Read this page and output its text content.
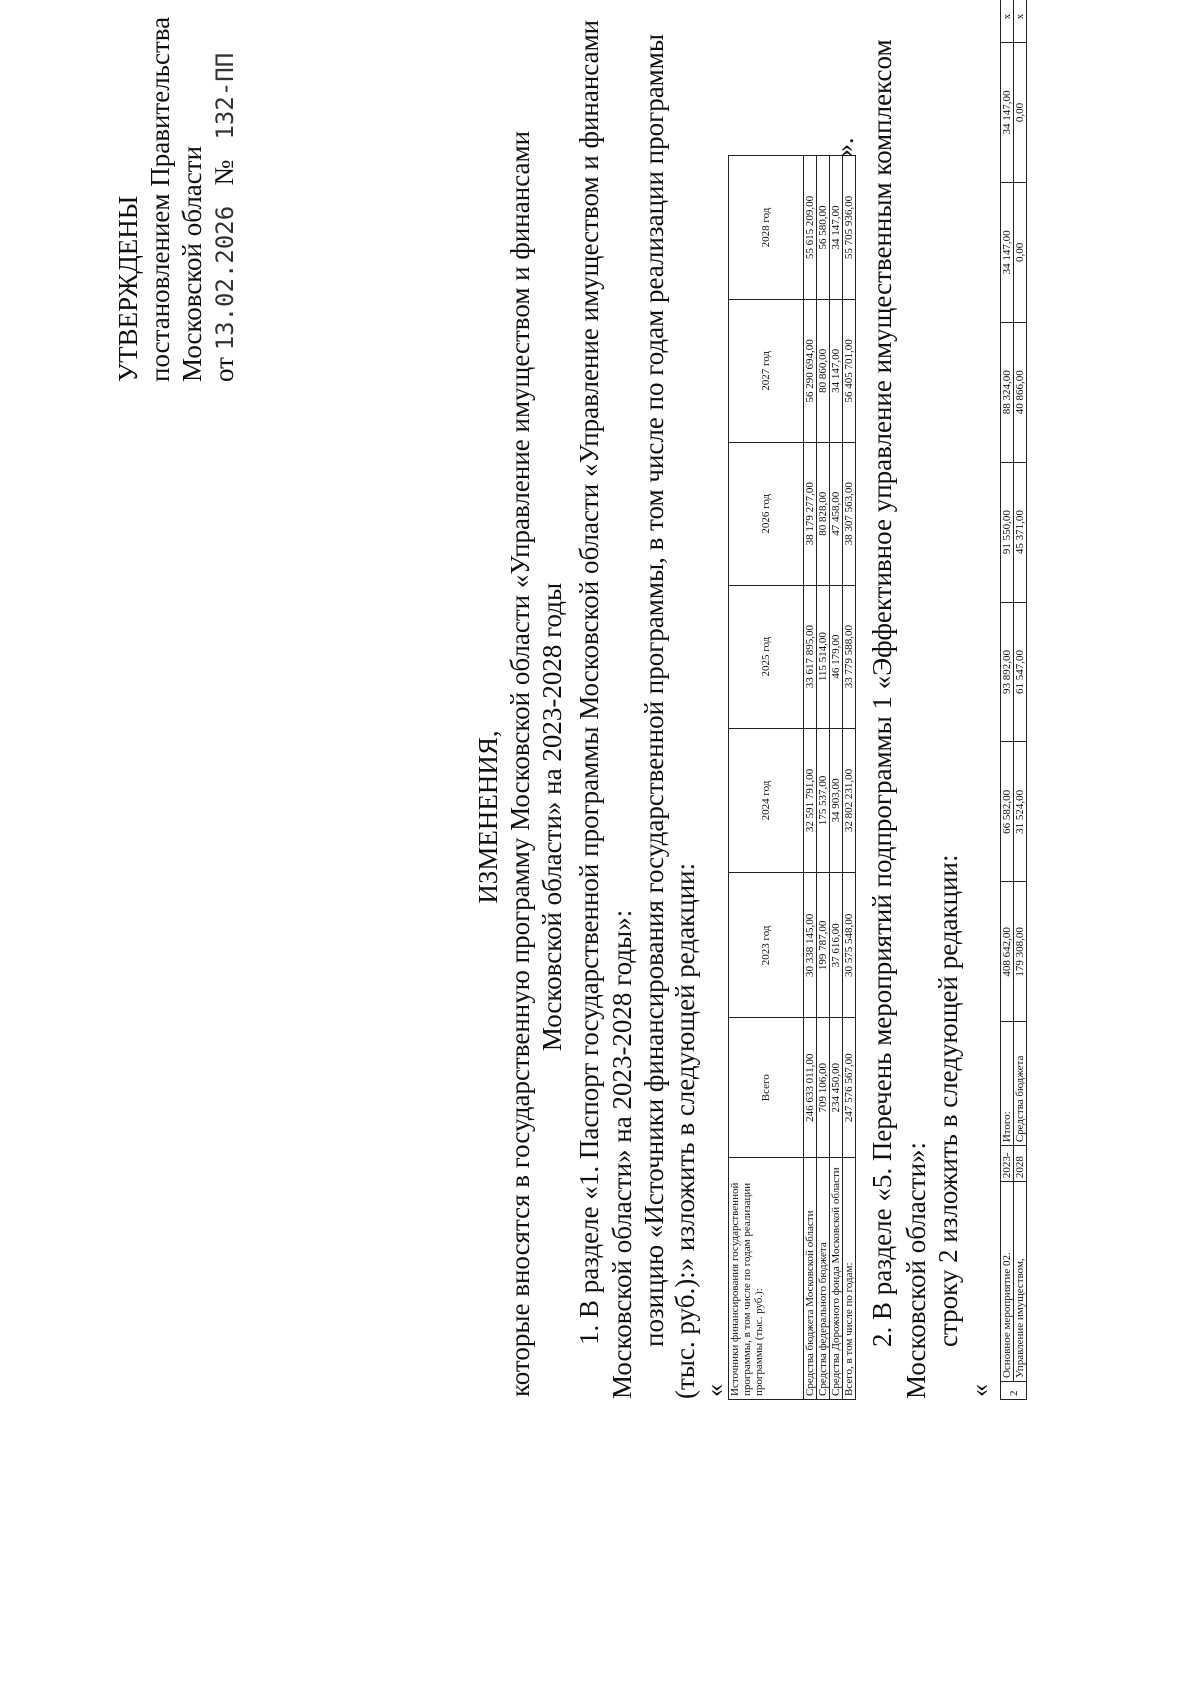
УТВЕРЖДЕНЫ постановлением Правительства Московской области от 13.02.2026   №   132-ПП
ИЗМЕНЕНИЯ, которые вносятся в государственную программу Московской области «Управление имуществом и финансами Московской области» на 2023-2028 годы 1. В разделе «1. Паспорт государственной программы Московской области «Управление имуществом и финансами Московской области» на 2023-2028 годы»: позицию «Источники финансирования государственной программы, в том числе по годам реализации программы (тыс. руб.):» изложить в следующей редакции: « Источники финансирования государственной программы, в том числе по годам реализации программы (тыс. руб.):	Всего	2023 год	2024 год	2025 год	2026 год	2027 год	2028 год
Средства бюджета Московской области	246 633 011,00	30 338 145,00	32 591 791,00	33 617 895,00	38 179 277,00	56 290 694,00	55 615 209,00
Средства федерального бюджета	709 106,00	199 787,00	175 537,00	115 514,00	80 828,00	80 860,00	56 580,00
Средства Дорожного фонда Московской области	234 450,00	37 616,00	34 903,00	46 179,00	47 458,00	34 147,00	34 147,00
Всего, в том числе по годам:	247 576 567,00	30 575 548,00	32 802 231,00	33 779 588,00	38 307 563,00	56 405 701,00	55 705 936,00
». 2. В разделе «5. Перечень мероприятий подпрограммы 1 «Эффективное управление имущественным комплексом Московской области»: строку 2 изложить в следующей редакции:
« 2	Основное мероприятие 02.	2023-	Итого:	408 642,00	66 582,00	93 892,00	91 550,00	88 324,00	34 147,00	34 147,00	х
	Управление имуществом,	2028	Средства бюджета	179 308,00	31 524,00	61 547,00	45 371,00	40 866,00	0,00	0,00	х
